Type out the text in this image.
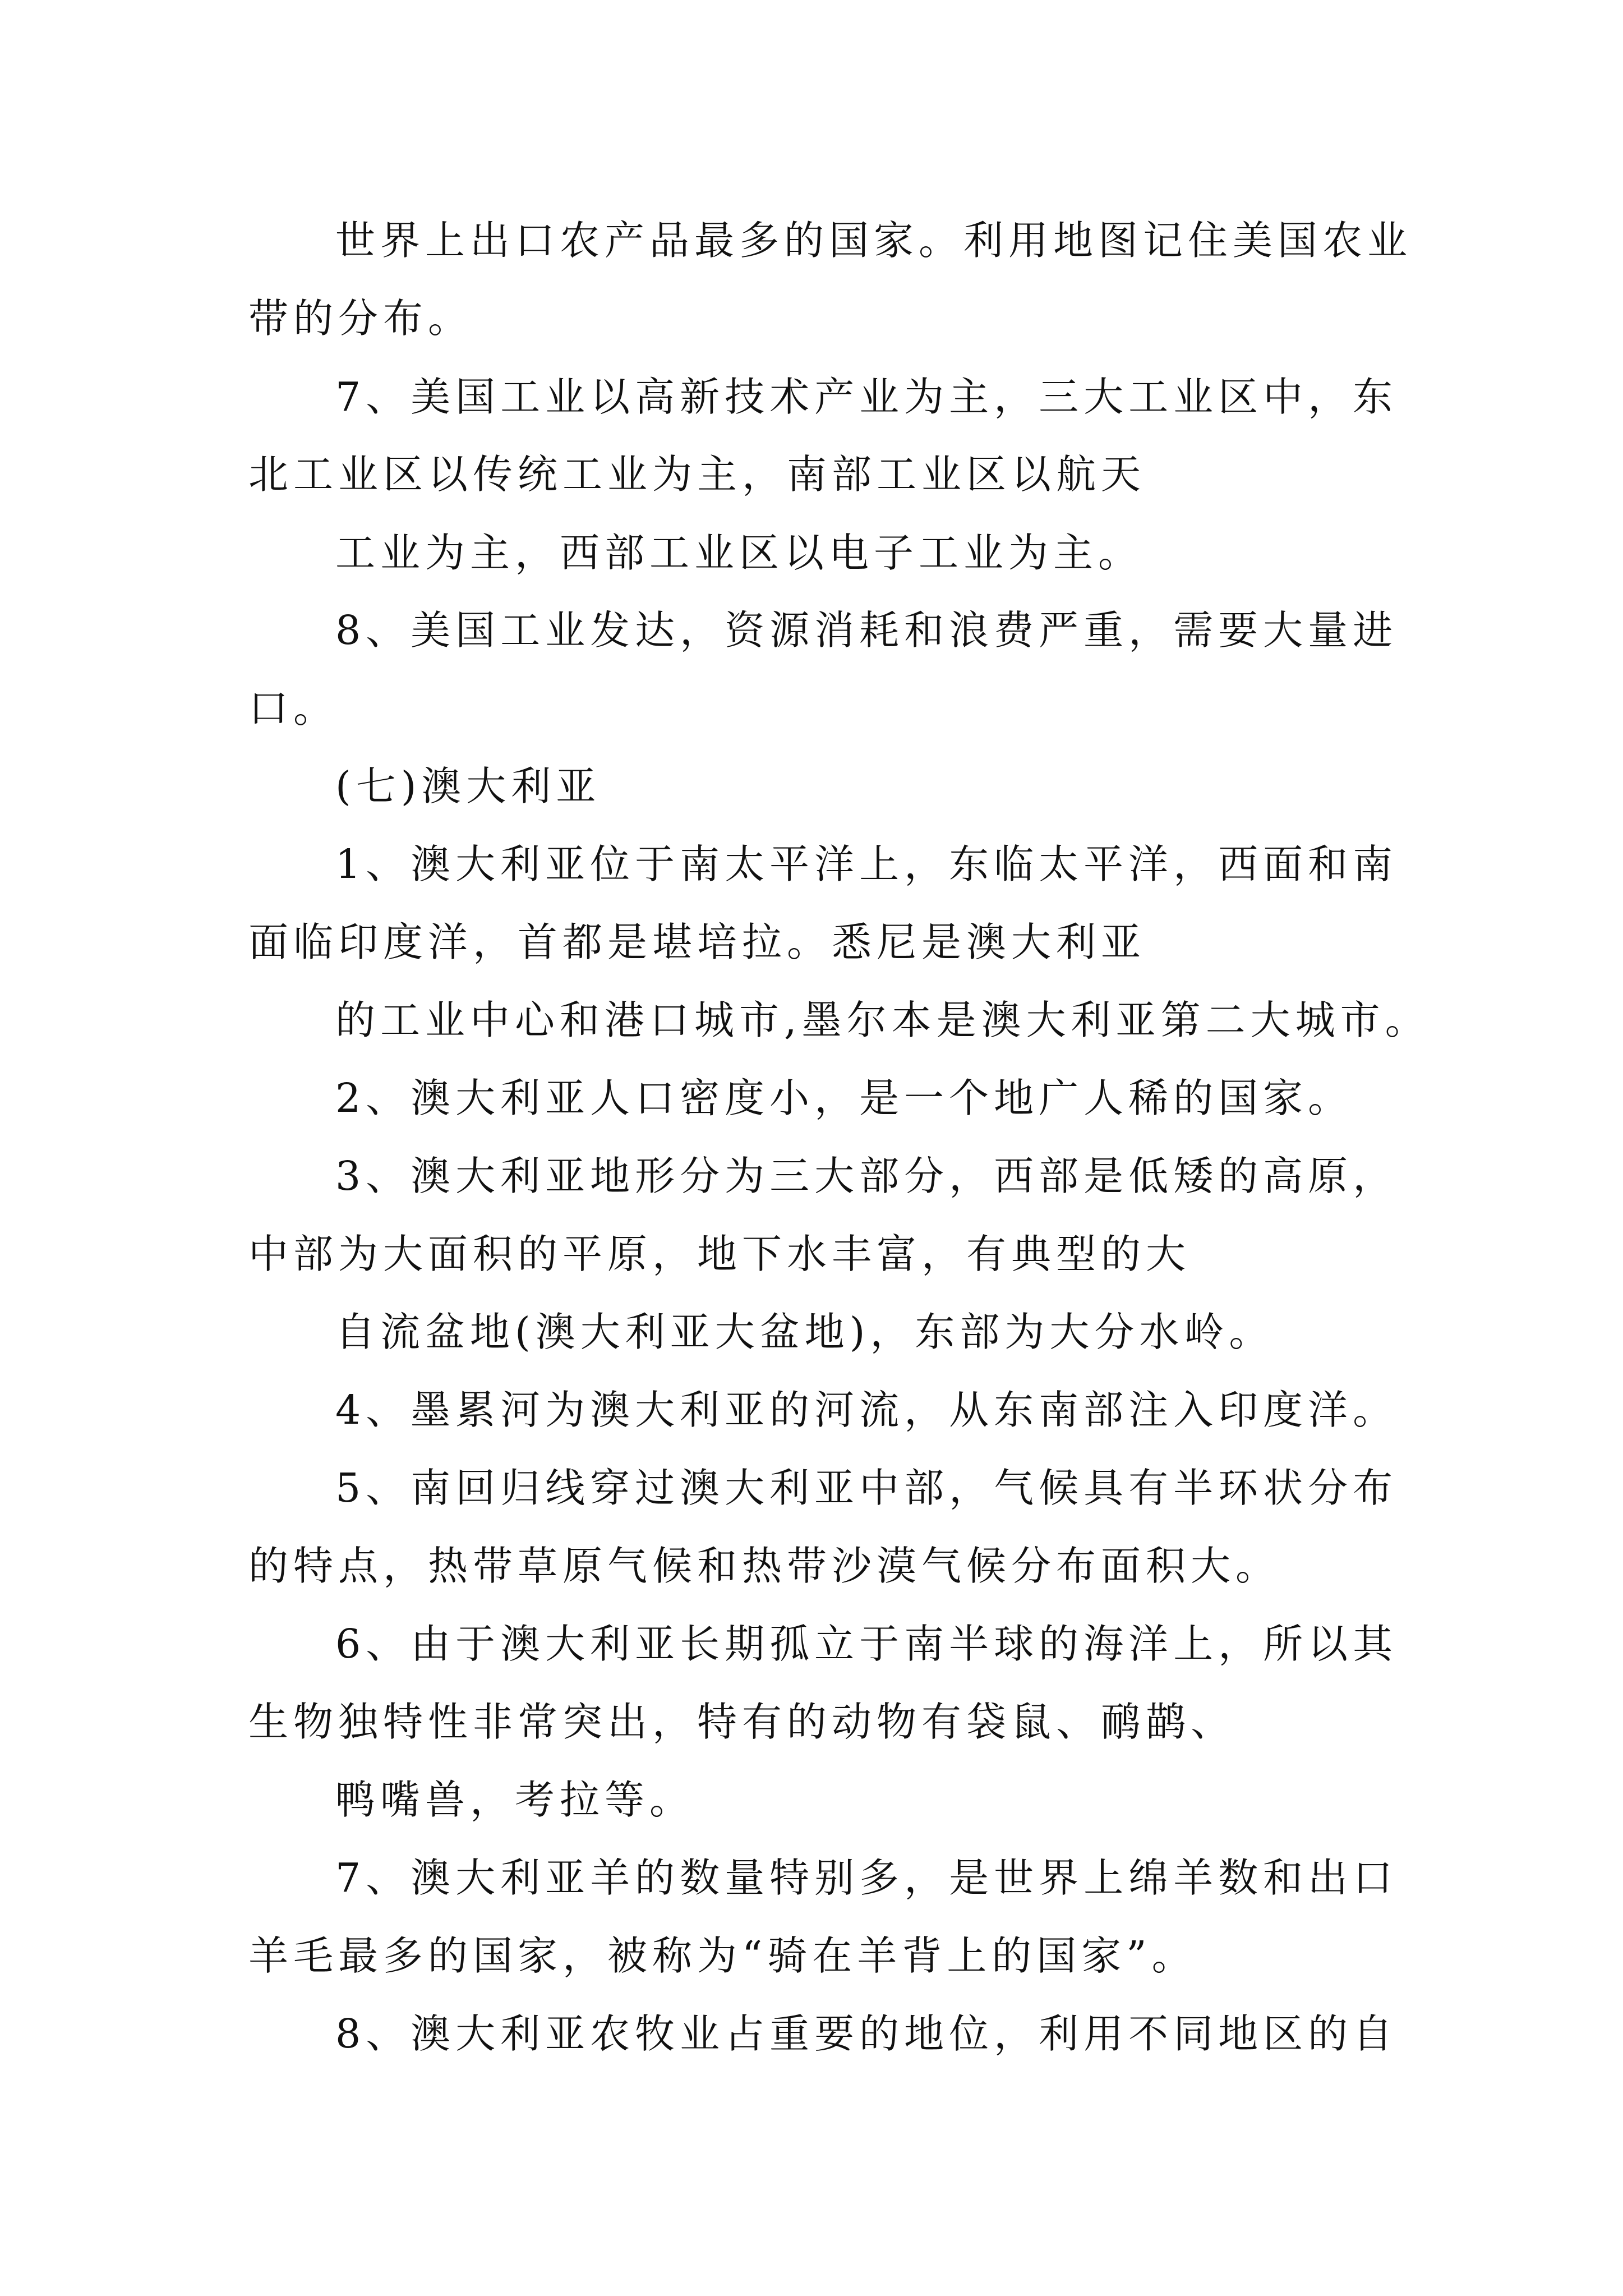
世界上出口农产品最多的国家。利用地图记住美国农业
带的分布。
7、美国工业以高新技术产业为主，三大工业区中，东
北工业区以传统工业为主，南部工业区以航天
工业为主，西部工业区以电子工业为主。
8、美国工业发达，资源消耗和浪费严重，需要大量进
口。
(七)澳大利亚
1、澳大利亚位于南太平洋上，东临太平洋，西面和南
面临印度洋，首都是堪培拉。悉尼是澳大利亚
的工业中心和港口城市,墨尔本是澳大利亚第二大城市。
2、澳大利亚人口密度小，是一个地广人稀的国家。
3、澳大利亚地形分为三大部分，西部是低矮的高原，
中部为大面积的平原，地下水丰富，有典型的大
自流盆地(澳大利亚大盆地)，东部为大分水岭。
4、墨累河为澳大利亚的河流，从东南部注入印度洋。
5、南回归线穿过澳大利亚中部，气候具有半环状分布
的特点，热带草原气候和热带沙漠气候分布面积大。
6、由于澳大利亚长期孤立于南半球的海洋上，所以其
生物独特性非常突出，特有的动物有袋鼠、鸸鹋、
鸭嘴兽，考拉等。
7、澳大利亚羊的数量特别多，是世界上绵羊数和出口
羊毛最多的国家，被称为“骑在羊背上的国家”。
8、澳大利亚农牧业占重要的地位，利用不同地区的自
